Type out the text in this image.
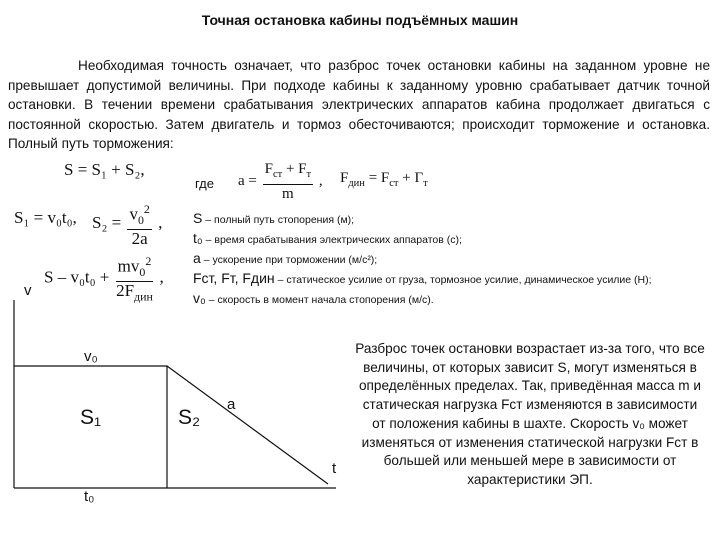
Точная остановка кабины подъёмных машин
Необходимая точность означает, что разброс точек остановки кабины на заданном уровне не превышает допустимой величины. При подходе кабины к заданному уровню срабатывает датчик точной остановки. В течении времени срабатывания электрических аппаратов кабина продолжает двигаться с постоянной скоростью. Затем двигатель и тормоз обесточиваются; происходит торможение и остановка. Полный путь торможения:
S = S₁ + S₂,
где $a = \frac{F_{ст} + F_т}{m}$ , $F_{дин} = F_{ст} + Г_т$
S₁ = v₀t₀, $S_2 = \frac{v_0^2}{2a}$ ,
$S - v_0t_0 + \frac{mv_0^2}{2F_{дин}}$ ,
S – полный путь стопорения (м);
t₀ – время срабатывания электрических аппаратов (с);
a – ускорение при торможении (м/с²);
Fст, Fт, Fдин – статическое усилие от груза, тормозное усилие, динамическое усилие (Н);
v₀ – скорость в момент начала стопорения (м/с).
v
t
v₀
S₁	S₂
a
t₀
Разброс точек остановки возрастает из-за того, что все величины, от которых зависит S, могут изменяться в определённых пределах. Так, приведённая масса m и статическая нагрузка Fст изменяются в зависимости от положения кабины в шахте. Скорость v₀ может изменяться от изменения статической нагрузки Fст в большей или меньшей мере в зависимости от характеристики ЭП.
